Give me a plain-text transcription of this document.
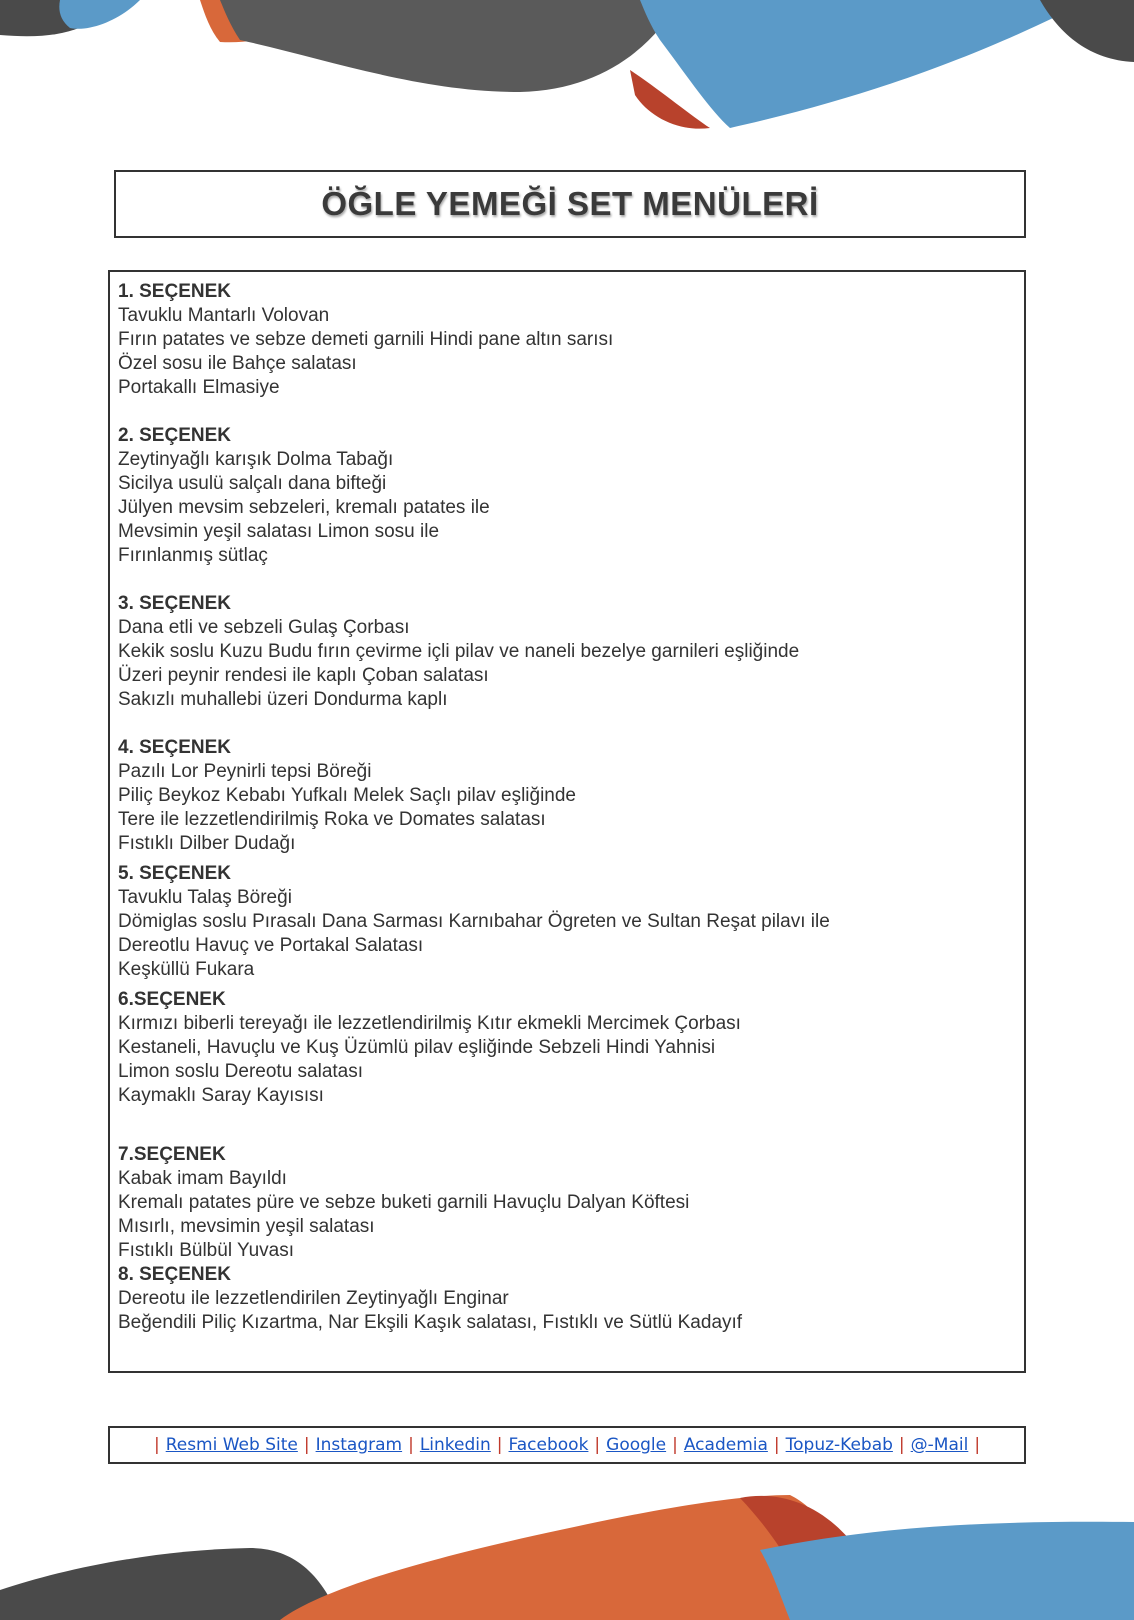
ÖĞLE YEMEĞİ SET MENÜLERİ
1. SEÇENEK
Tavuklu Mantarlı Volovan
Fırın patates ve sebze demeti garnili Hindi pane altın sarısı
Özel sosu ile Bahçe salatası
Portakallı Elmasiye
2. SEÇENEK
Zeytinyağlı karışık Dolma Tabağı
Sicilya usulü salçalı dana bifteği
Jülyen mevsim sebzeleri, kremalı patates ile
Mevsimin yeşil salatası Limon sosu ile
Fırınlanmış sütlaç
3. SEÇENEK
Dana etli ve sebzeli Gulaş Çorbası
Kekik soslu Kuzu Budu fırın çevirme içli pilav ve naneli bezelye garnileri eşliğinde
Üzeri peynir rendesi ile kaplı Çoban salatası
Sakızlı muhallebi üzeri Dondurma kaplı
4. SEÇENEK
Pazılı Lor Peynirli tepsi Böreği
Piliç Beykoz Kebabı Yufkalı Melek Saçlı pilav eşliğinde
Tere ile lezzetlendirilmiş Roka ve Domates salatası
Fıstıklı Dilber Dudağı
5. SEÇENEK
Tavuklu Talaş Böreği
Dömiglas soslu Pırasalı Dana Sarması Karnıbahar Ögreten ve Sultan Reşat pilavı ile
Dereotlu Havuç ve Portakal Salatası
Keşküllü Fukara
6.SEÇENEK
Kırmızı biberli tereyağı ile lezzetlendirilmiş Kıtır ekmekli Mercimek Çorbası
Kestaneli, Havuçlu ve Kuş Üzümlü pilav eşliğinde Sebzeli Hindi Yahnisi
Limon soslu Dereotu salatası
Kaymaklı Saray Kayısısı
7.SEÇENEK
Kabak imam Bayıldı
Kremalı patates püre ve sebze buketi garnili Havuçlu Dalyan Köftesi
Mısırlı, mevsimin yeşil salatası
Fıstıklı Bülbül Yuvası
8. SEÇENEK
Dereotu ile lezzetlendirilen Zeytinyağlı Enginar
Beğendili Piliç Kızartma, Nar Ekşili Kaşık salatası, Fıstıklı ve Sütlü Kadayıf
| Resmi Web Site | Instagram | Linkedin | Facebook | Google | Academia | Topuz-Kebab | @-Mail |
